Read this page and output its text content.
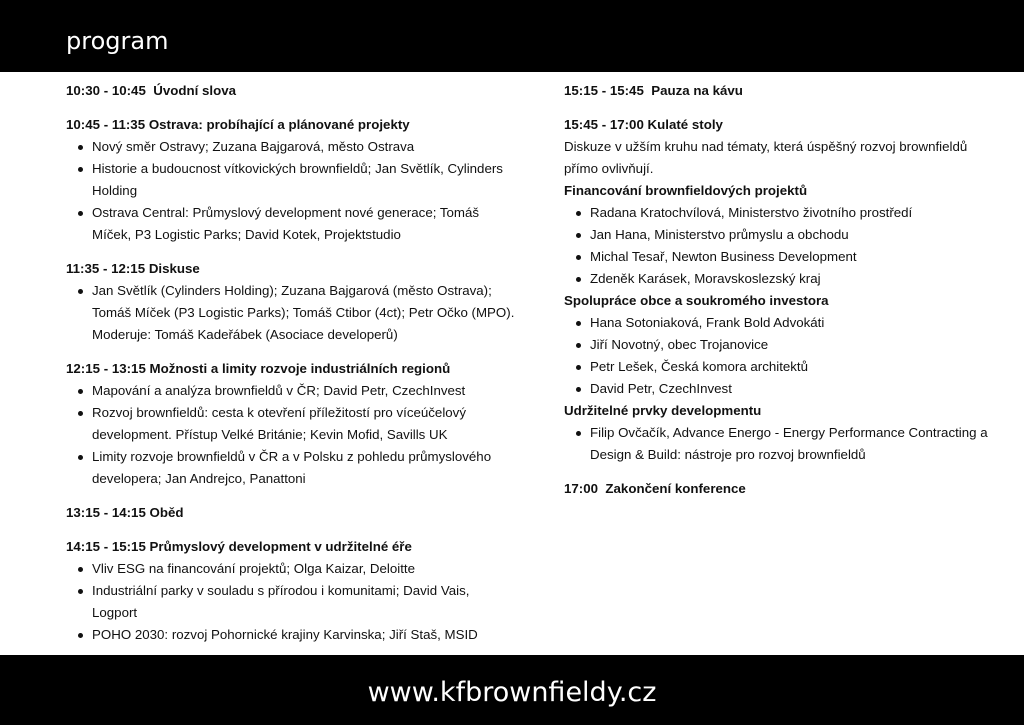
program
10:30 - 10:45 Úvodní slova
10:45 - 11:35 Ostrava: probíhající a plánované projekty
Nový směr Ostravy; Zuzana Bajgarová, město Ostrava
Historie a budoucnost vítkovických brownfieldů; Jan Světlík, Cylinders Holding
Ostrava Central: Průmyslový development nové generace; Tomáš Míček, P3 Logistic Parks; David Kotek, Projektstudio
11:35 - 12:15 Diskuse
Jan Světlík (Cylinders Holding); Zuzana Bajgarová (město Ostrava); Tomáš Míček (P3 Logistic Parks); Tomáš Ctibor (4ct); Petr Očko (MPO). Moderuje: Tomáš Kadeřábek (Asociace developerů)
12:15 - 13:15 Možnosti a limity rozvoje industriálních regionů
Mapování a analýza brownfieldů v ČR; David Petr, CzechInvest
Rozvoj brownfieldů: cesta k otevření příležitostí pro víceúčelový development. Přístup Velké Británie; Kevin Mofid, Savills UK
Limity rozvoje brownfieldů v ČR a v Polsku z pohledu průmyslového developera; Jan Andrejco, Panattoni
13:15 - 14:15 Oběd
14:15 - 15:15 Průmyslový development v udržitelné éře
Vliv ESG na financování projektů; Olga Kaizar, Deloitte
Industriální parky v souladu s přírodou i komunitami; David Vais, Logport
POHO 2030: rozvoj Pohornické krajiny Karvinska; Jiří Staš, MSID
15:15 - 15:45 Pauza na kávu
15:45 - 17:00 Kulaté stoly
Diskuze v užším kruhu nad tématy, která úspěšný rozvoj brownfieldů přímo ovlivňují.
Financování brownfieldových projektů
Radana Kratochvílová, Ministerstvo životního prostředí
Jan Hana, Ministerstvo průmyslu a obchodu
Michal Tesař, Newton Business Development
Zdeněk Karásek, Moravskoslezský kraj
Spolupráce obce a soukromého investora
Hana Sotoniaková, Frank Bold Advokáti
Jiří Novotný, obec Trojanovice
Petr Lešek, Česká komora architektů
David Petr, CzechInvest
Udržitelné prvky developmentu
Filip Ovčačík, Advance Energo - Energy Performance Contracting a Design & Build: nástroje pro rozvoj brownfieldů
17:00 Zakončení konference
www.kfbrownfieldy.cz
